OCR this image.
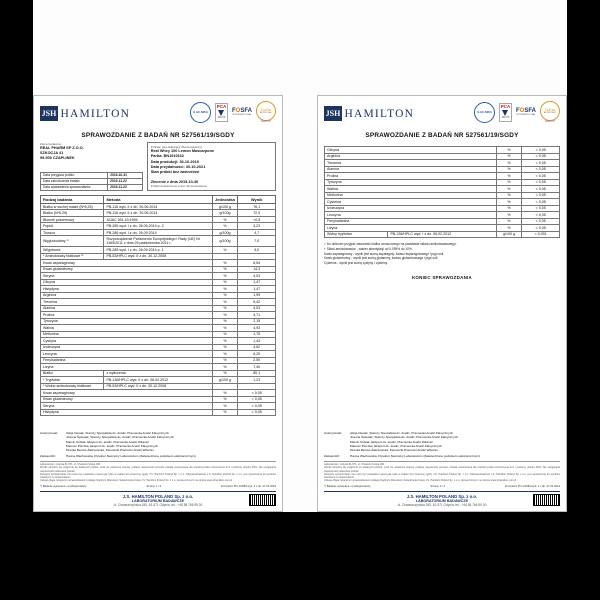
JSH HAMILTON	ILAC-MRA
PCA
AB 079
FOSFA
INTERNATIONAL
Gafta
APPROVED
ANALYST
SPRAWOZDANIE Z BADAŃ NR 527561/19/SGDY
Zleceniodawca:
REAL PHARM SP Z.O.O.
SZKOCJA 41
95-500 CZAPLINEK
Data przyjęcia próbki:	2019-10-31
Data zakończenia badań:	2019-11-22
Data wystawienia sprawozdania:	2019-11-22
Próbka: (wg deklaracji Zleceniodawcy)
Real Whey 100 Lemon Mascarpone
Partia: BN1910162
Data produkcji: 30-10-2019
Data przydatności: 30-10-2021
Stan próbki bez zastrzeżeń
Zlecenie z dnia 2019-10-30
Próbki dostarczone przez Zleceniodawcę
Rodzaj badania	Metoda	Jednostka	Wynik
Białko w suchej masie (N*6,25)	PB-116 wyd. II z dn. 30.06.2014	g/100 g	76,1
Białko (N*6,25)	PB-116 wyd. II z dn. 30.06.2014	g/100g	72,5
Błonnik pokarmowy	AOAC 991.43:1994	%	<0,5
Popiół	PB-285 wyd. I z dn. 26.09.2014 p. 2	%	3,23
Tłuszcz	PB-286 wyd. I z dn. 26.09.2014	g/100g	4,7
Węglowodany ¹⁾	Rozporządzenie Parlamentu Europejskiego i Rady (UE) Nr 1169/2011 z dnia 25 października 2011 r.	g/100g	7,0
Wilgotność	PB-285 wyd. I z dn. 26.09.2014 p. 1	%	5,0
* Aminokwasy białkowe ²⁾	PB-53/HPLC wyd. II z dn. 30.12.2008		
Kwas asparaginowy		%	8,54
Kwas glutaminowy		%	14,3
Seryna		%	4,03
Glicyna		%	1,47
Histydyna		%	1,47
Arginina		%	1,99
Treonina		%	5,42
Alanina		%	4,03
Prolina		%	4,71
Tyrozyna		%	2,15
Walina		%	4,93
Metionina		%	1,75
Cystyna		%	1,43
Izoleucyna		%	4,62
Leucyna		%	6,25
Fenyloalanina		%	2,50
Lizyna		%	7,40
Białko	z wyliczenia	%	80,1
* Tryptofan	PB-136/HPLC wyd. II z dn. 06.02.2012	g/100 g	1,23
* Wolne aminokwasy białkowe	PB-53/HPLC wyd. II z dn. 30.12.2008		
Kwas asparaginowy		%	< 0,05
Kwas glutaminowy		%	< 0,05
Seryna		%	< 0,05
Histydyna		%	< 0,05
Autoryzował:	Alicja Nowak, Starszy Specjalista ds. Analiz, Pracownia Analiz Klasycznych
Joanna Śpiewak, Starszy Specjalista ds. Analiz, Pracownia Analiz Klasycznych
Marcin Kubiak, Ekspert ds. analiz, Pracownia Analiz Witamin
Mariusz Pieczka, Ekspert ds. analiz, Pracownia Analiz Klasycznych
Monika Bemke-Żakrzewska, Kierownik Pracowni Analiz Witamin
Zatwierdził:	Hanna Wachowska, Dyrektor Naczelny Laboratorium (Zatwierdzone podpisem elektronicznym)
Laboratorium: Gdynia 81-571, ul. Chwaszczyńska 180.
Wyniki odnoszą się wyłącznie do badanych próbek. Jeśli nie określono inaczej, podana niepewność pomiaru została oszacowana dla współczynnika rozszerzenia k=2 i poziomu ufności 95%. Nie uwzględnia niepewności pobierania próbek.
Niniejsze sprawozdanie nie może być powielane inaczej jak tylko w całości bez pisemnej zgody J.S. Hamilton Poland Sp. z o.o. Odpowiedzialność J.S. Hamilton Poland Sp. z o.o. jest ograniczona do wyników zawartych w sprawozdaniu.
Usługa objęta niniejszym sprawozdaniem podlega Ogólnym Warunkom Świadczenia Usług J.S. Hamilton Poland Sp. z o.o. zamieszczonym na stronie www.jshamilton.com.pl
*) Badanie wykonane u podwykonawcy	Strona: 1 / 2	Formularz PO-14/08d wyd. 1 z dn. 27.02.2019
J.S. HAMILTON POLAND Sp. z o.o.
LABORATORIUM BADAWCZE
ul. Chwaszczyńska 180, 81-571 Gdynia, tel.: +48 58 766 99 00
JSH HAMILTON	ILAC-MRA
PCA
AB 079
FOSFA
INTERNATIONAL
Gafta
APPROVED
ANALYST
SPRAWOZDANIE Z BADAŃ NR 527561/19/SGDY
Glicyna		%	< 0,05
Arginina		%	< 0,05
Treonina		%	< 0,05
Alanina		%	< 0,05
Prolina		%	< 0,05
Tyrozyna		%	< 0,05
Walina		%	< 0,05
Metionina		%	< 0,05
Cysteina		%	< 0,05
Izoleucyna		%	< 0,05
Leucyna		%	< 0,05
Fenyloalanina		%	< 0,05
Lizyna		%	< 0,05
Wolny tryptofan	PB-136/HPLC wyd. I z dn. 06.02.2012	g/100 g	< 0,001
¹⁾ Do obliczeń przyjęto zawartość białka oznaczonego na podstawie składu aminokwasowego.
²⁾ Skład aminokwasów - zakres akredytacji od 0,095% do 10%.
Kwas asparaginowy - wynik jest sumą asparaginy, kwasu asparaginowego i jego soli.
Kwas glutaminowy - wynik jest sumą glutaminy, kwasu glutaminowego i jego soli.
Cysteina - wynik jest sumą cystyny i cysteiny.
KONIEC SPRAWOZDANIA
Autoryzował:	Alicja Nowak, Starszy Specjalista ds. Analiz, Pracownia Analiz Klasycznych
Joanna Śpiewak, Starszy Specjalista ds. Analiz, Pracownia Analiz Klasycznych
Marcin Kubiak, Ekspert ds. analiz, Pracownia Analiz Witamin
Mariusz Pieczka, Ekspert ds. analiz, Pracownia Analiz Klasycznych
Monika Bemke-Żakrzewska, Kierownik Pracowni Analiz Witamin
Zatwierdził:	Hanna Wachowska, Dyrektor Naczelny Laboratorium (Zatwierdzone podpisem elektronicznym)
Laboratorium: Gdynia 81-571, ul. Chwaszczyńska 180.
Wyniki odnoszą się wyłącznie do badanych próbek. Jeśli nie określono inaczej, podana niepewność pomiaru została oszacowana dla współczynnika rozszerzenia k=2 i poziomu ufności 95%. Nie uwzględnia niepewności pobierania próbek.
Niniejsze sprawozdanie nie może być powielane inaczej jak tylko w całości bez pisemnej zgody J.S. Hamilton Poland Sp. z o.o. Odpowiedzialność J.S. Hamilton Poland Sp. z o.o. jest ograniczona do wyników zawartych w sprawozdaniu.
Usługa objęta niniejszym sprawozdaniem podlega Ogólnym Warunkom Świadczenia Usług J.S. Hamilton Poland Sp. z o.o. zamieszczonym na stronie www.jshamilton.com.pl
*) Badanie wykonane u podwykonawcy	Strona: 2 / 2	Formularz PO-14/08d wyd. 1 z dn. 27.02.2019
J.S. HAMILTON POLAND Sp. z o.o.
LABORATORIUM BADAWCZE
ul. Chwaszczyńska 180, 81-571 Gdynia, tel.: +48 58 766 99 00
